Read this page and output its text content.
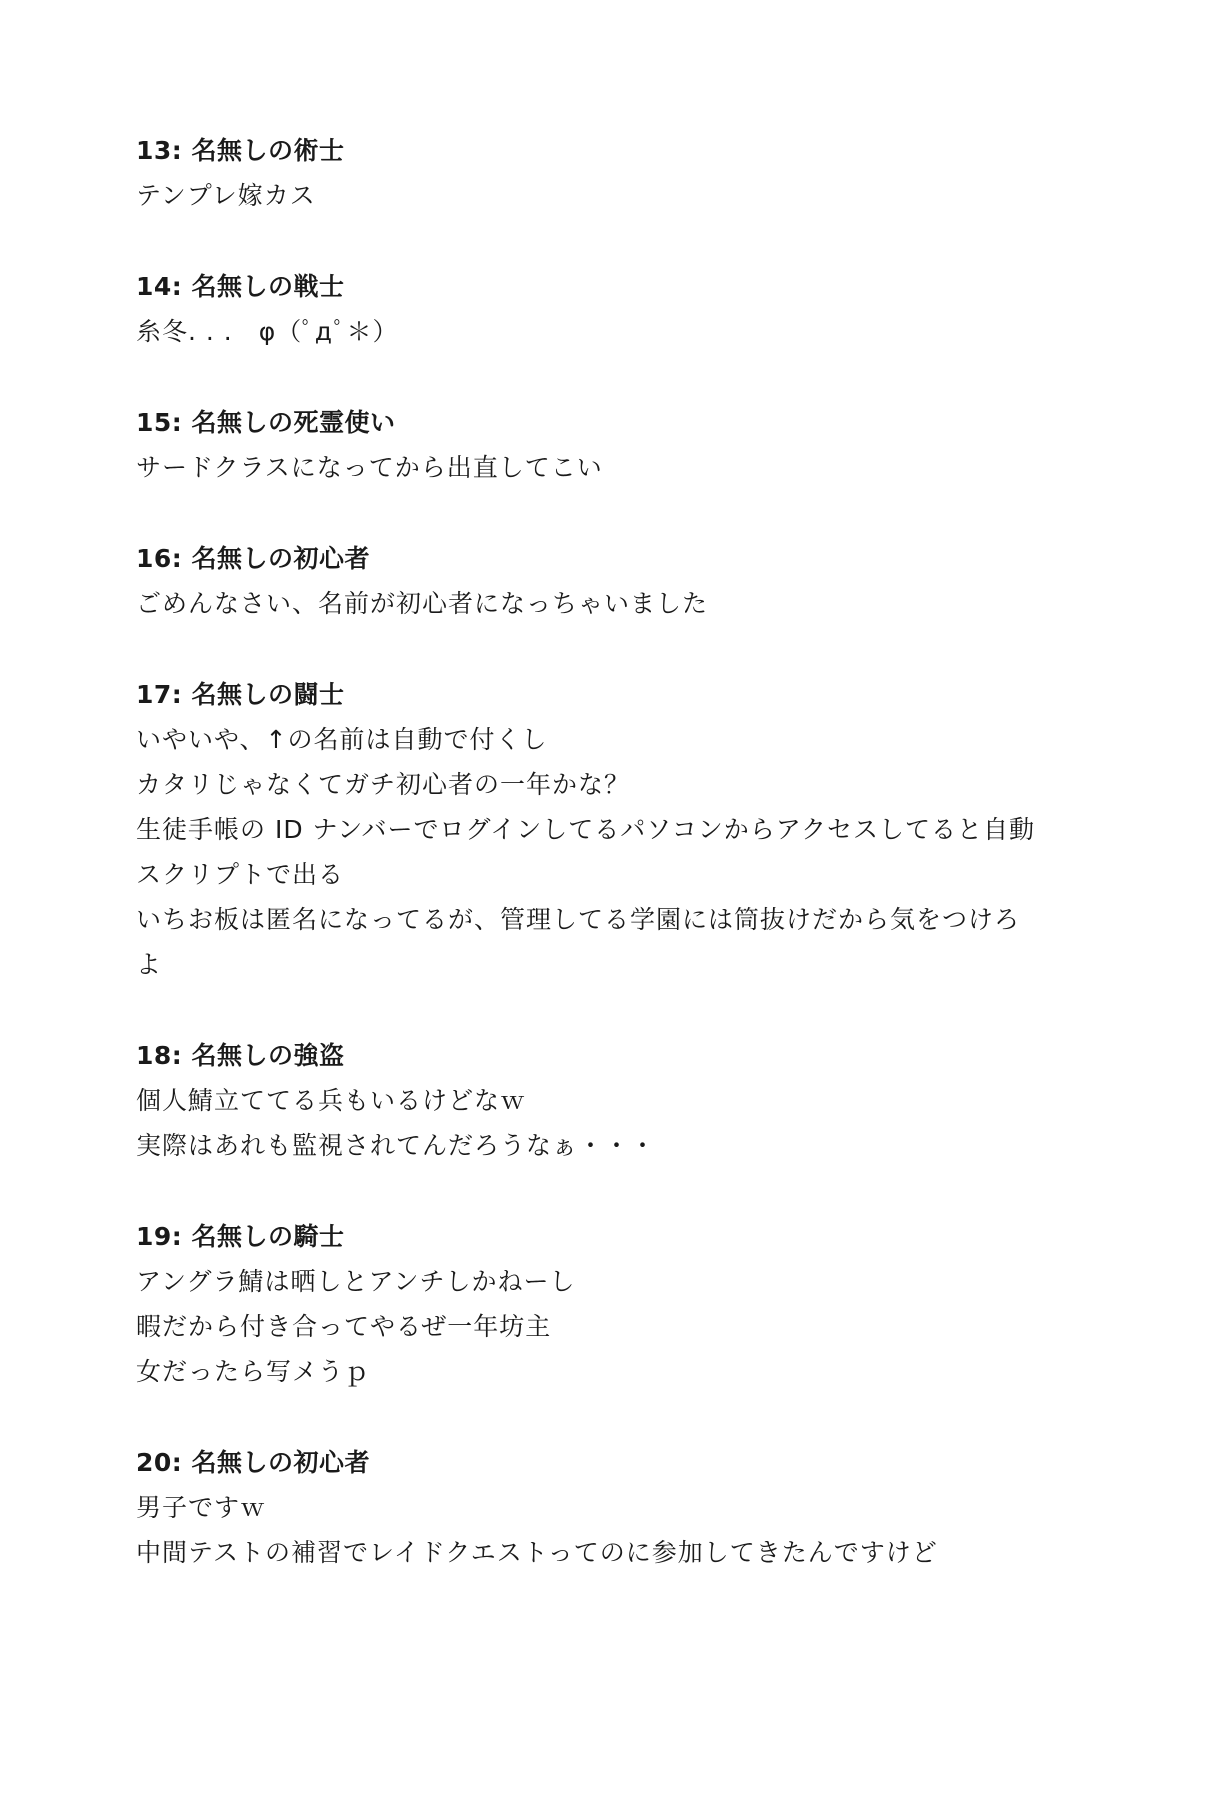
13: 名無しの術士
テンプレ嫁カス
14: 名無しの戦士
糸冬. . .　φ（ﾟдﾟ＊）
15: 名無しの死霊使い
サードクラスになってから出直してこい
16: 名無しの初心者
ごめんなさい、名前が初心者になっちゃいました
17: 名無しの闘士
いやいや、↑の名前は自動で付くし
カタリじゃなくてガチ初心者の一年かな？
生徒手帳の ID ナンバーでログインしてるパソコンからアクセスしてると自動
スクリプトで出る
いちお板は匿名になってるが、管理してる学園には筒抜けだから気をつけろ
よ
18: 名無しの強盗
個人鯖立ててる兵もいるけどなｗ
実際はあれも監視されてんだろうなぁ・・・
19: 名無しの騎士
アングラ鯖は晒しとアンチしかねーし
暇だから付き合ってやるぜ一年坊主
女だったら写メうｐ
20: 名無しの初心者
男子ですｗ
中間テストの補習でレイドクエストってのに参加してきたんですけど
